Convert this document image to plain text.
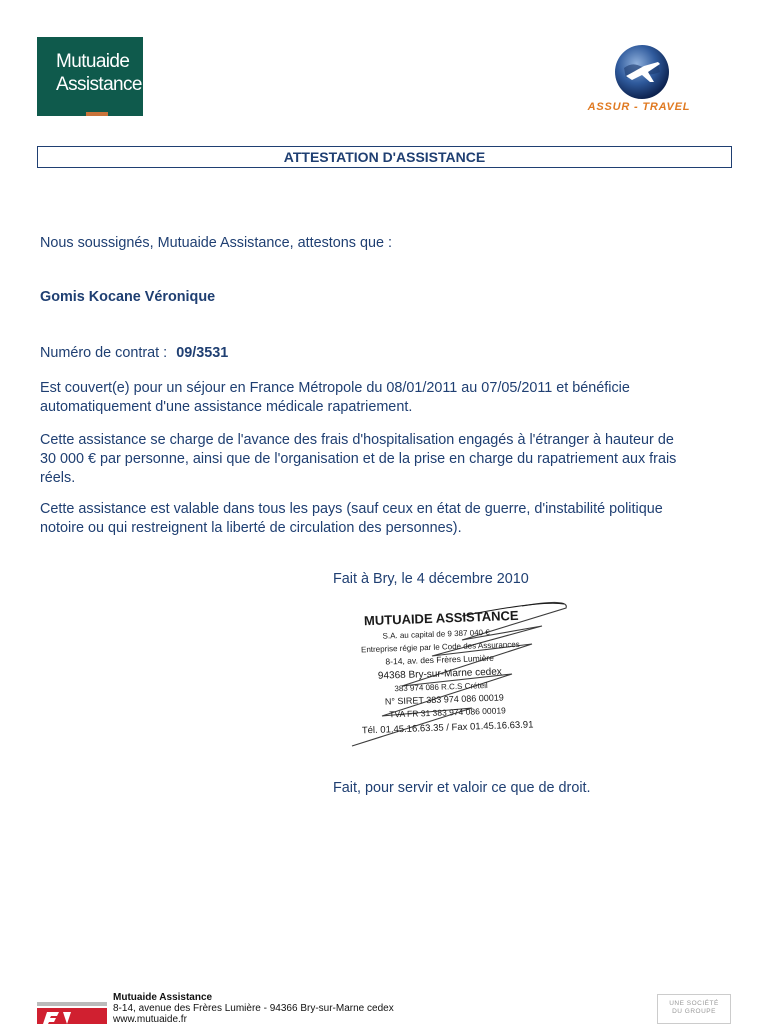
Mutuaide
Assistance
ASSUR - TRAVEL
ATTESTATION D'ASSISTANCE
Nous soussignés, Mutuaide Assistance, attestons que :
Gomis Kocane Véronique
Numéro de contrat : 09/3531
Est couvert(e) pour un séjour en France Métropole du 08/01/2011 au 07/05/2011 et bénéficie
automatiquement d'une assistance médicale rapatriement.
Cette assistance se charge de l'avance des frais d'hospitalisation engagés à l'étranger à hauteur de
30 000 € par personne, ainsi que de l'organisation et de la prise en charge du rapatriement aux frais
réels.
Cette assistance est valable dans tous les pays (sauf ceux en état de guerre, d'instabilité politique
notoire ou qui restreignent la liberté de circulation des personnes).
Fait à Bry, le 4 décembre 2010
MUTUAIDE ASSISTANCE
S.A. au capital de 9 387 040 €
Entreprise régie par le Code des Assurances
8-14, av. des Frères Lumière
94368 Bry-sur-Marne cedex
383 974 086 R.C.S Créteil
N° SIRET 383 974 086 00019
TVA FR 31 383 974 086 00019
Tél. 01.45.16.63.35 / Fax 01.45.16.63.91
Fait, pour servir et valoir ce que de droit.
Mutuaide Assistance
8-14, avenue des Frères Lumière - 94366 Bry-sur-Marne cedex
www.mutuaide.fr
UNE SOCIÉTÉ
DU GROUPE
